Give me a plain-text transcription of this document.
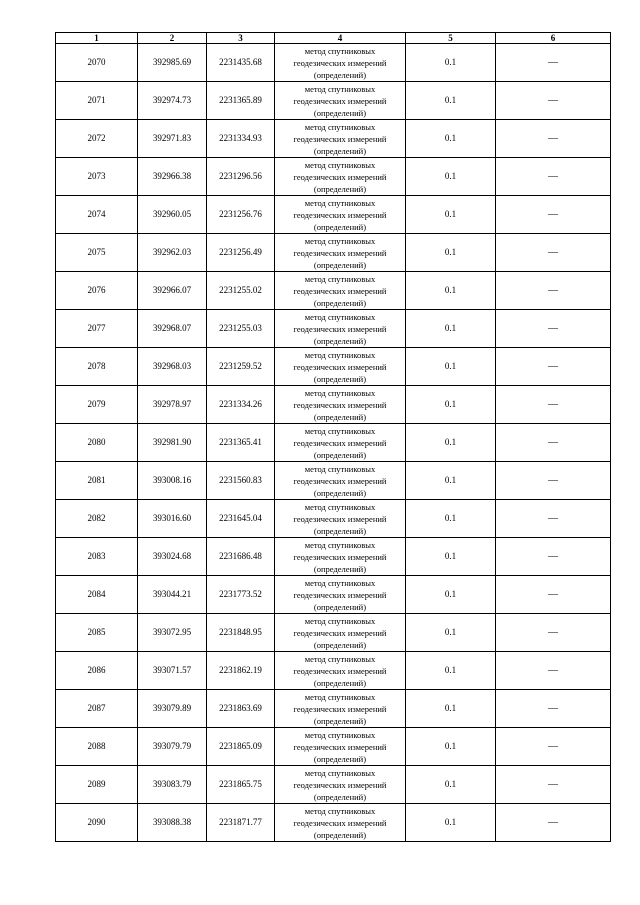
1	2	3	4	5	6
2070	392985.69	2231435.68	метод спутниковых
геодезических измерений
(определений)	0.1	—
2071	392974.73	2231365.89	метод спутниковых
геодезических измерений
(определений)	0.1	—
2072	392971.83	2231334.93	метод спутниковых
геодезических измерений
(определений)	0.1	—
2073	392966.38	2231296.56	метод спутниковых
геодезических измерений
(определений)	0.1	—
2074	392960.05	2231256.76	метод спутниковых
геодезических измерений
(определений)	0.1	—
2075	392962.03	2231256.49	метод спутниковых
геодезических измерений
(определений)	0.1	—
2076	392966.07	2231255.02	метод спутниковых
геодезических измерений
(определений)	0.1	—
2077	392968.07	2231255.03	метод спутниковых
геодезических измерений
(определений)	0.1	—
2078	392968.03	2231259.52	метод спутниковых
геодезических измерений
(определений)	0.1	—
2079	392978.97	2231334.26	метод спутниковых
геодезических измерений
(определений)	0.1	—
2080	392981.90	2231365.41	метод спутниковых
геодезических измерений
(определений)	0.1	—
2081	393008.16	2231560.83	метод спутниковых
геодезических измерений
(определений)	0.1	—
2082	393016.60	2231645.04	метод спутниковых
геодезических измерений
(определений)	0.1	—
2083	393024.68	2231686.48	метод спутниковых
геодезических измерений
(определений)	0.1	—
2084	393044.21	2231773.52	метод спутниковых
геодезических измерений
(определений)	0.1	—
2085	393072.95	2231848.95	метод спутниковых
геодезических измерений
(определений)	0.1	—
2086	393071.57	2231862.19	метод спутниковых
геодезических измерений
(определений)	0.1	—
2087	393079.89	2231863.69	метод спутниковых
геодезических измерений
(определений)	0.1	—
2088	393079.79	2231865.09	метод спутниковых
геодезических измерений
(определений)	0.1	—
2089	393083.79	2231865.75	метод спутниковых
геодезических измерений
(определений)	0.1	—
2090	393088.38	2231871.77	метод спутниковых
геодезических измерений
(определений)	0.1	—
